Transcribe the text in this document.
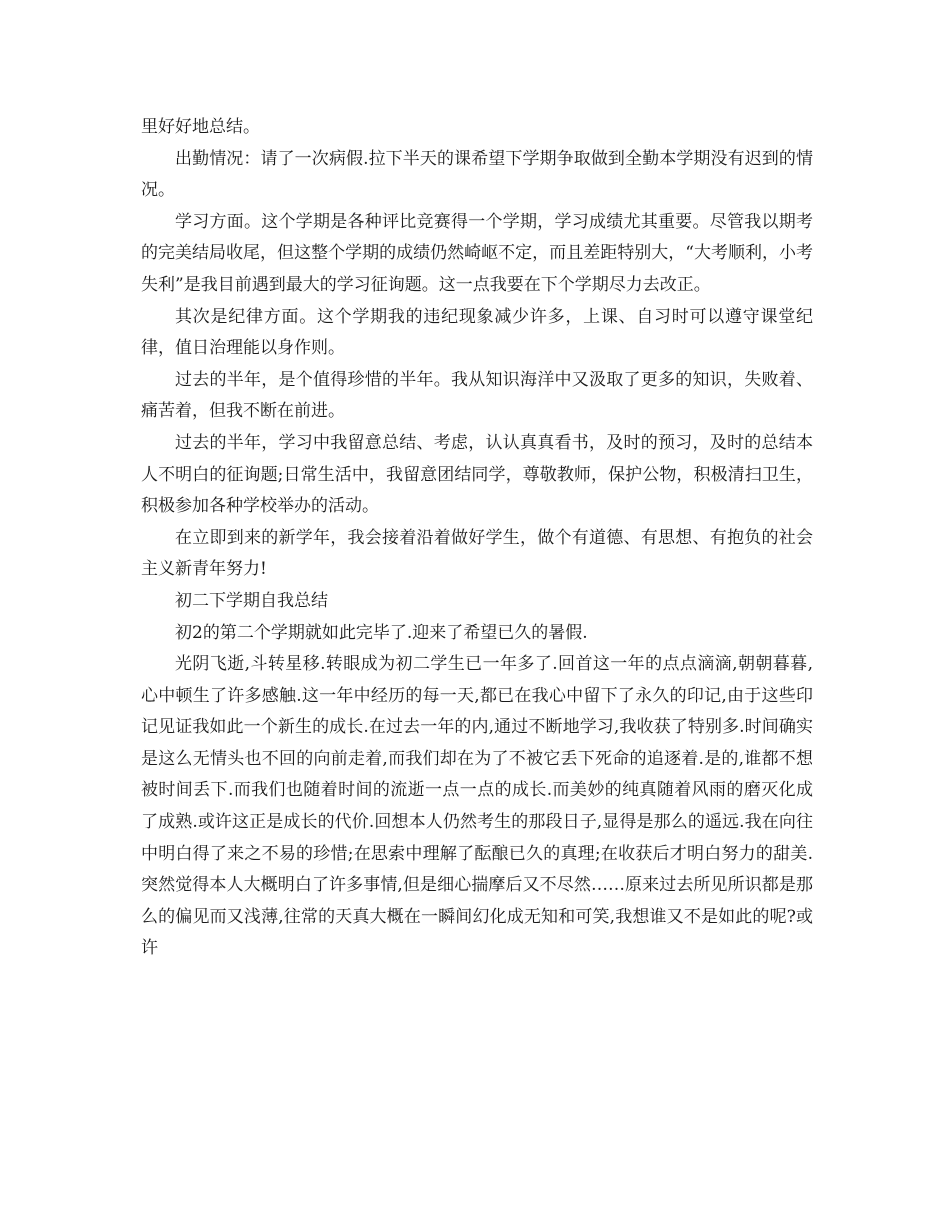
里好好地总结。

出勤情况：请了一次病假.拉下半天的课希望下学期争取做到全勤本学期没有迟到的情况。

学习方面。这个学期是各种评比竞赛得一个学期，学习成绩尤其重要。尽管我以期考的完美结局收尾，但这整个学期的成绩仍然崎岖不定，而且差距特别大，“大考顺利，小考失利”是我目前遇到最大的学习征询题。这一点我要在下个学期尽力去改正。

其次是纪律方面。这个学期我的违纪现象减少许多，上课、自习时可以遵守课堂纪律，值日治理能以身作则。

过去的半年，是个值得珍惜的半年。我从知识海洋中又汲取了更多的知识，失败着、痛苦着，但我不断在前进。

过去的半年，学习中我留意总结、考虑，认认真真看书，及时的预习，及时的总结本人不明白的征询题;日常生活中，我留意团结同学，尊敬教师，保护公物，积极清扫卫生，积极参加各种学校举办的活动。

在立即到来的新学年，我会接着沿着做好学生，做个有道德、有思想、有抱负的社会主义新青年努力!

初二下学期自我总结

初2的第二个学期就如此完毕了.迎来了希望已久的暑假.

光阴飞逝,斗转星移.转眼成为初二学生已一年多了.回首这一年的点点滴滴,朝朝暮暮,心中顿生了许多感触.这一年中经历的每一天,都已在我心中留下了永久的印记,由于这些印记见证我如此一个新生的成长.在过去一年的内,通过不断地学习,我收获了特别多.时间确实是这么无情头也不回的向前走着,而我们却在为了不被它丢下死命的追逐着.是的,谁都不想被时间丢下.而我们也随着时间的流逝一点一点的成长.而美妙的纯真随着风雨的磨灭化成了成熟.或许这正是成长的代价.回想本人仍然考生的那段日子,显得是那么的遥远.我在向往中明白得了来之不易的珍惜;在思索中理解了酝酿已久的真理;在收获后才明白努力的甜美.突然觉得本人大概明白了许多事情,但是细心揣摩后又不尽然……原来过去所见所识都是那么的偏见而又浅薄,往常的天真大概在一瞬间幻化成无知和可笑,我想谁又不是如此的呢?或许
